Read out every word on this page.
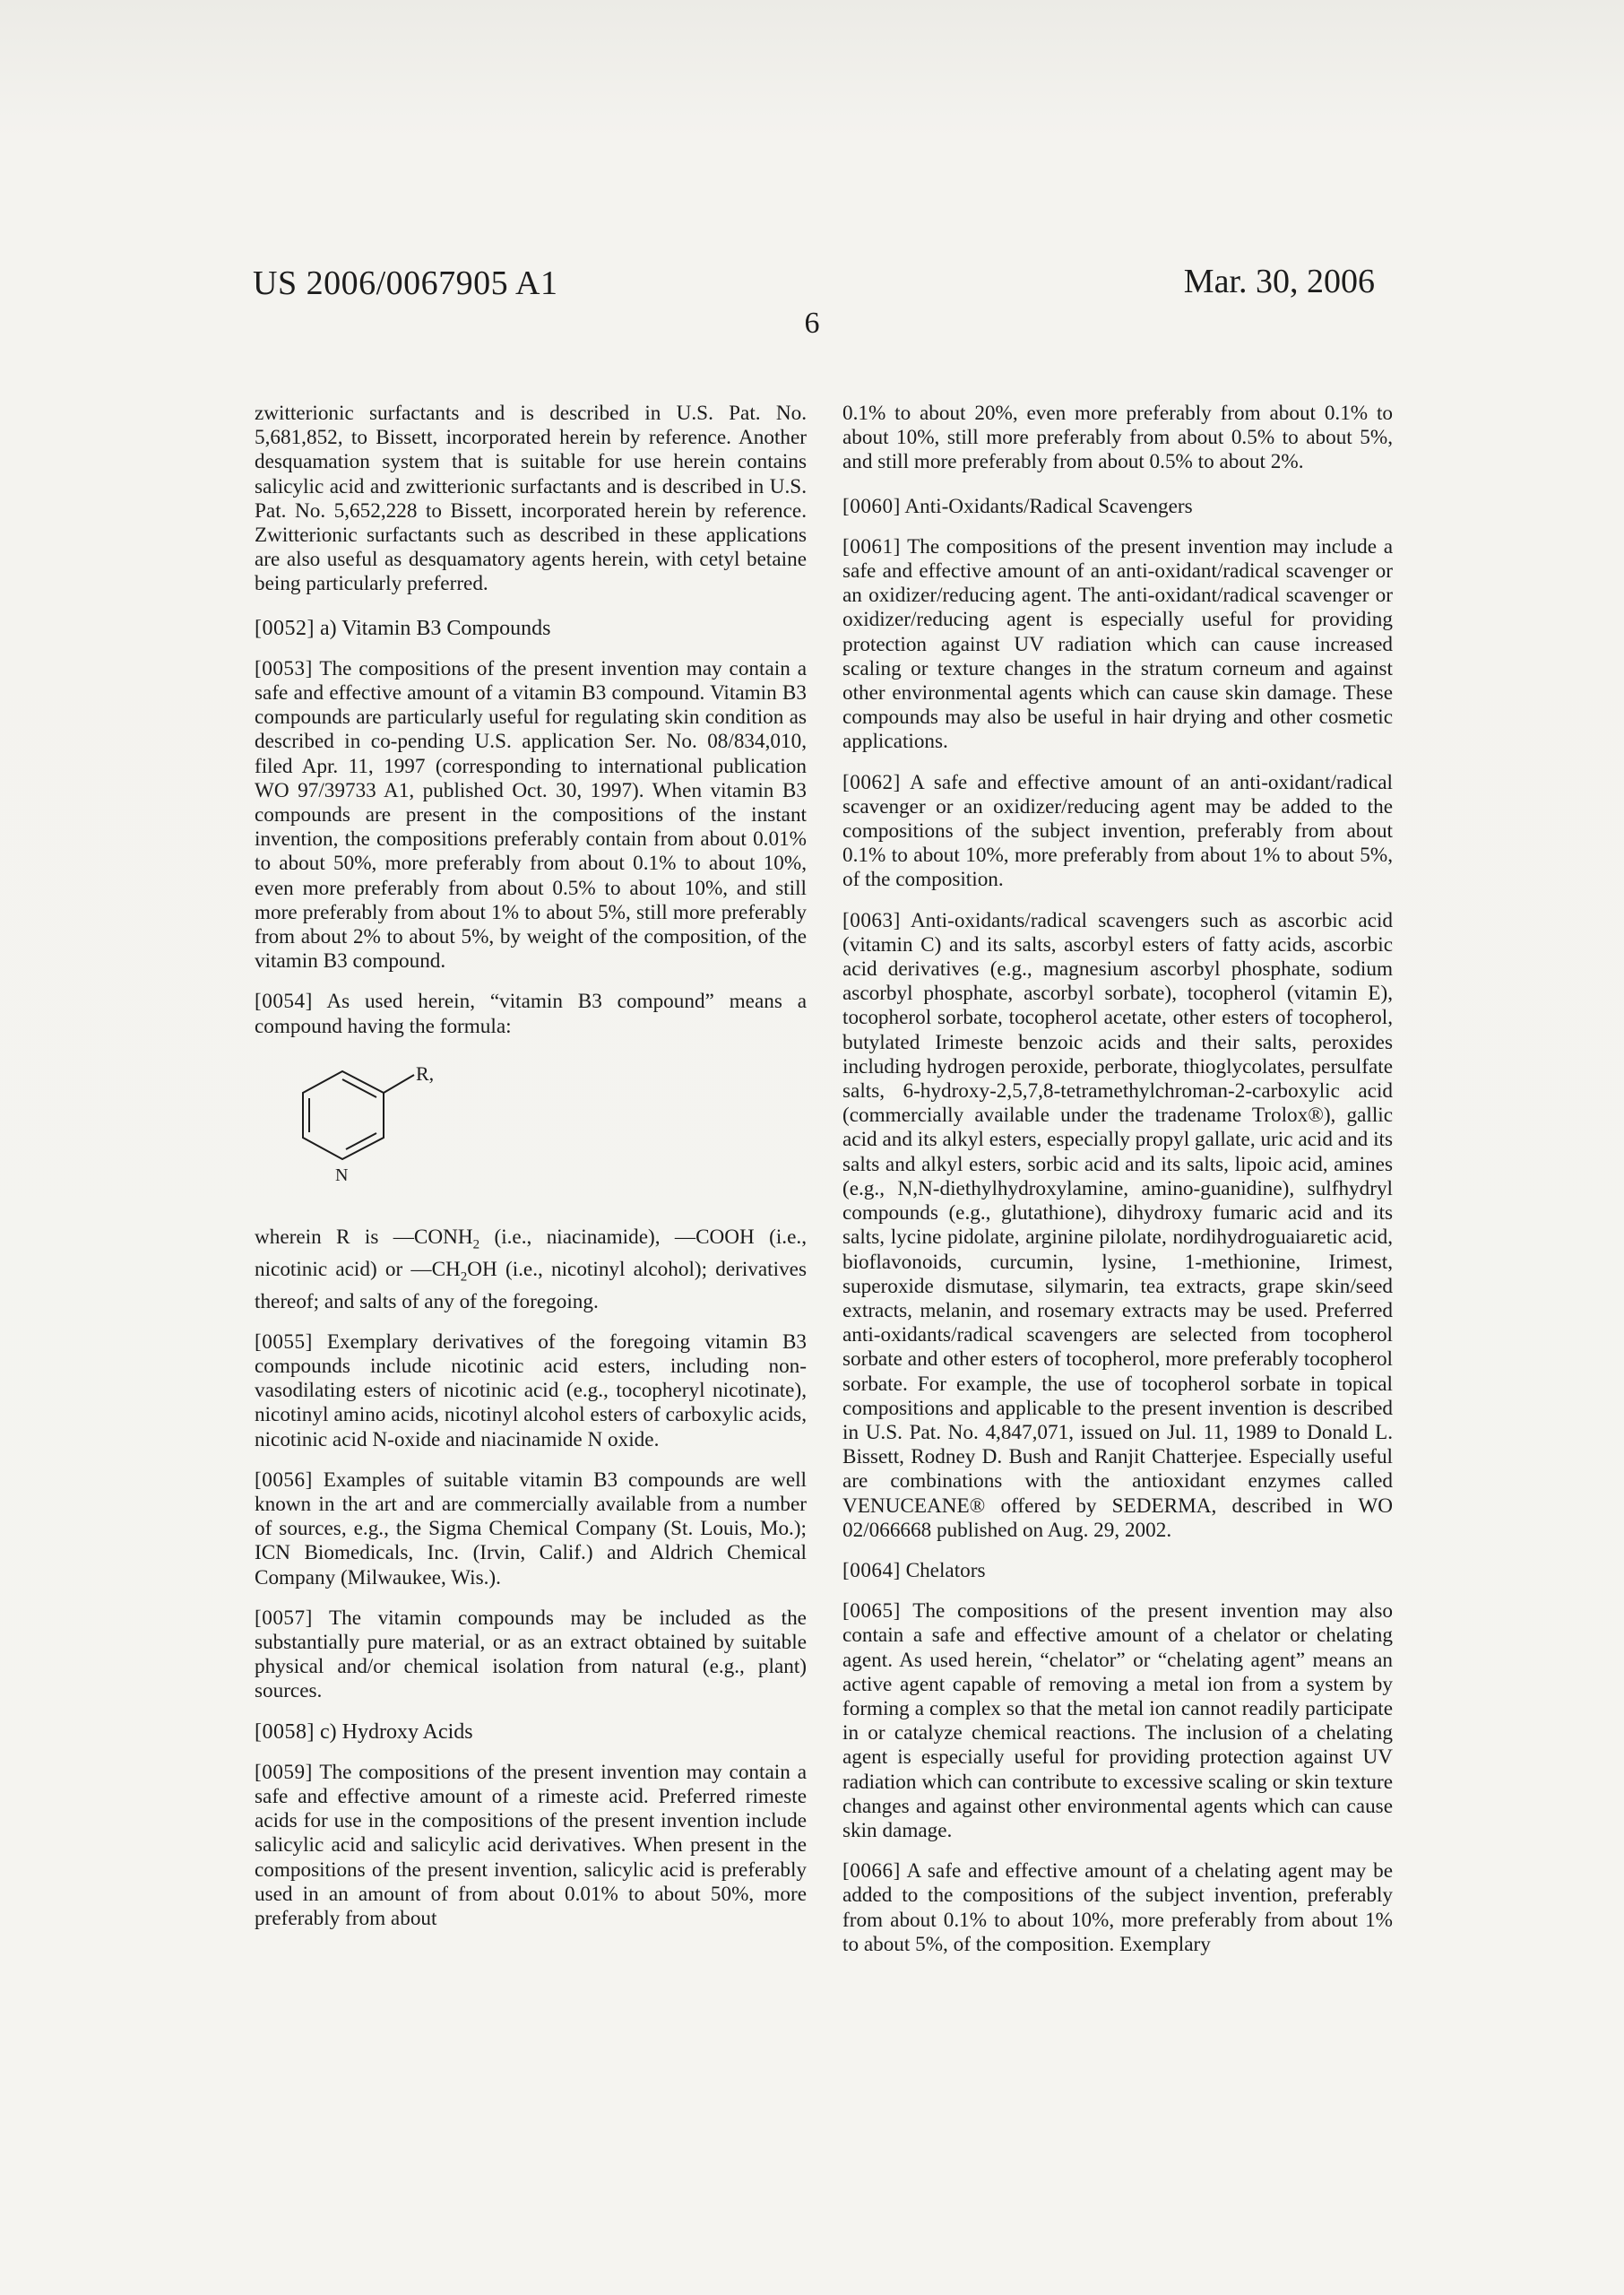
US 2006/0067905 A1	Mar. 30, 2006
6

zwitterionic surfactants and is described in U.S. Pat. No. 5,681,852, to Bissett, incorporated herein by reference. Another desquamation system that is suitable for use herein contains salicylic acid and zwitterionic surfactants and is described in U.S. Pat. No. 5,652,228 to Bissett, incorporated herein by reference. Zwitterionic surfactants such as described in these applications are also useful as desquamatory agents herein, with cetyl betaine being particularly preferred.

[0052] a) Vitamin B3 Compounds

[0053] The compositions of the present invention may contain a safe and effective amount of a vitamin B3 compound. Vitamin B3 compounds are particularly useful for regulating skin condition as described in co-pending U.S. application Ser. No. 08/834,010, filed Apr. 11, 1997 (corresponding to international publication WO 97/39733 A1, published Oct. 30, 1997). When vitamin B3 compounds are present in the compositions of the instant invention, the compositions preferably contain from about 0.01% to about 50%, more preferably from about 0.1% to about 10%, even more preferably from about 0.5% to about 10%, and still more preferably from about 1% to about 5%, still more preferably from about 2% to about 5%, by weight of the composition, of the vitamin B3 compound.

[0054] As used herein, “vitamin B3 compound” means a compound having the formula:

R,
N

wherein R is $—CONH_2$ (i.e., niacinamide), —COOH (i.e., nicotinic acid) or $—CH_2OH$ (i.e., nicotinyl alcohol); derivatives thereof; and salts of any of the foregoing.

[0055] Exemplary derivatives of the foregoing vitamin B3 compounds include nicotinic acid esters, including non-vasodilating esters of nicotinic acid (e.g., tocopheryl nicotinate), nicotinyl amino acids, nicotinyl alcohol esters of carboxylic acids, nicotinic acid N-oxide and niacinamide N oxide.

[0056] Examples of suitable vitamin B3 compounds are well known in the art and are commercially available from a number of sources, e.g., the Sigma Chemical Company (St. Louis, Mo.); ICN Biomedicals, Inc. (Irvin, Calif.) and Aldrich Chemical Company (Milwaukee, Wis.).

[0057] The vitamin compounds may be included as the substantially pure material, or as an extract obtained by suitable physical and/or chemical isolation from natural (e.g., plant) sources.

[0058] c) Hydroxy Acids

[0059] The compositions of the present invention may contain a safe and effective amount of a rimeste acid. Preferred rimeste acids for use in the compositions of the present invention include salicylic acid and salicylic acid derivatives. When present in the compositions of the present invention, salicylic acid is preferably used in an amount of from about 0.01% to about 50%, more preferably from about

0.1% to about 20%, even more preferably from about 0.1% to about 10%, still more preferably from about 0.5% to about 5%, and still more preferably from about 0.5% to about 2%.

[0060] Anti-Oxidants/Radical Scavengers

[0061] The compositions of the present invention may include a safe and effective amount of an anti-oxidant/radical scavenger or an oxidizer/reducing agent. The anti-oxidant/radical scavenger or oxidizer/reducing agent is especially useful for providing protection against UV radiation which can cause increased scaling or texture changes in the stratum corneum and against other environmental agents which can cause skin damage. These compounds may also be useful in hair drying and other cosmetic applications.

[0062] A safe and effective amount of an anti-oxidant/radical scavenger or an oxidizer/reducing agent may be added to the compositions of the subject invention, preferably from about 0.1% to about 10%, more preferably from about 1% to about 5%, of the composition.

[0063] Anti-oxidants/radical scavengers such as ascorbic acid (vitamin C) and its salts, ascorbyl esters of fatty acids, ascorbic acid derivatives (e.g., magnesium ascorbyl phosphate, sodium ascorbyl phosphate, ascorbyl sorbate), tocopherol (vitamin E), tocopherol sorbate, tocopherol acetate, other esters of tocopherol, butylated Irimeste benzoic acids and their salts, peroxides including hydrogen peroxide, perborate, thioglycolates, persulfate salts, 6-hydroxy-2,5,7,8-tetramethylchroman-2-carboxylic acid (commercially available under the tradename Trolox®), gallic acid and its alkyl esters, especially propyl gallate, uric acid and its salts and alkyl esters, sorbic acid and its salts, lipoic acid, amines (e.g., N,N-diethylhydroxylamine, amino-guanidine), sulfhydryl compounds (e.g., glutathione), dihydroxy fumaric acid and its salts, lycine pidolate, arginine pilolate, nordihydroguaiaretic acid, bioflavonoids, curcumin, lysine, 1-methionine, Irimest, superoxide dismutase, silymarin, tea extracts, grape skin/seed extracts, melanin, and rosemary extracts may be used. Preferred anti-oxidants/radical scavengers are selected from tocopherol sorbate and other esters of tocopherol, more preferably tocopherol sorbate. For example, the use of tocopherol sorbate in topical compositions and applicable to the present invention is described in U.S. Pat. No. 4,847,071, issued on Jul. 11, 1989 to Donald L. Bissett, Rodney D. Bush and Ranjit Chatterjee. Especially useful are combinations with the antioxidant enzymes called VENUCEANE® offered by SEDERMA, described in WO 02/066668 published on Aug. 29, 2002.

[0064] Chelators

[0065] The compositions of the present invention may also contain a safe and effective amount of a chelator or chelating agent. As used herein, “chelator” or “chelating agent” means an active agent capable of removing a metal ion from a system by forming a complex so that the metal ion cannot readily participate in or catalyze chemical reactions. The inclusion of a chelating agent is especially useful for providing protection against UV radiation which can contribute to excessive scaling or skin texture changes and against other environmental agents which can cause skin damage.

[0066] A safe and effective amount of a chelating agent may be added to the compositions of the subject invention, preferably from about 0.1% to about 10%, more preferably from about 1% to about 5%, of the composition. Exemplary
